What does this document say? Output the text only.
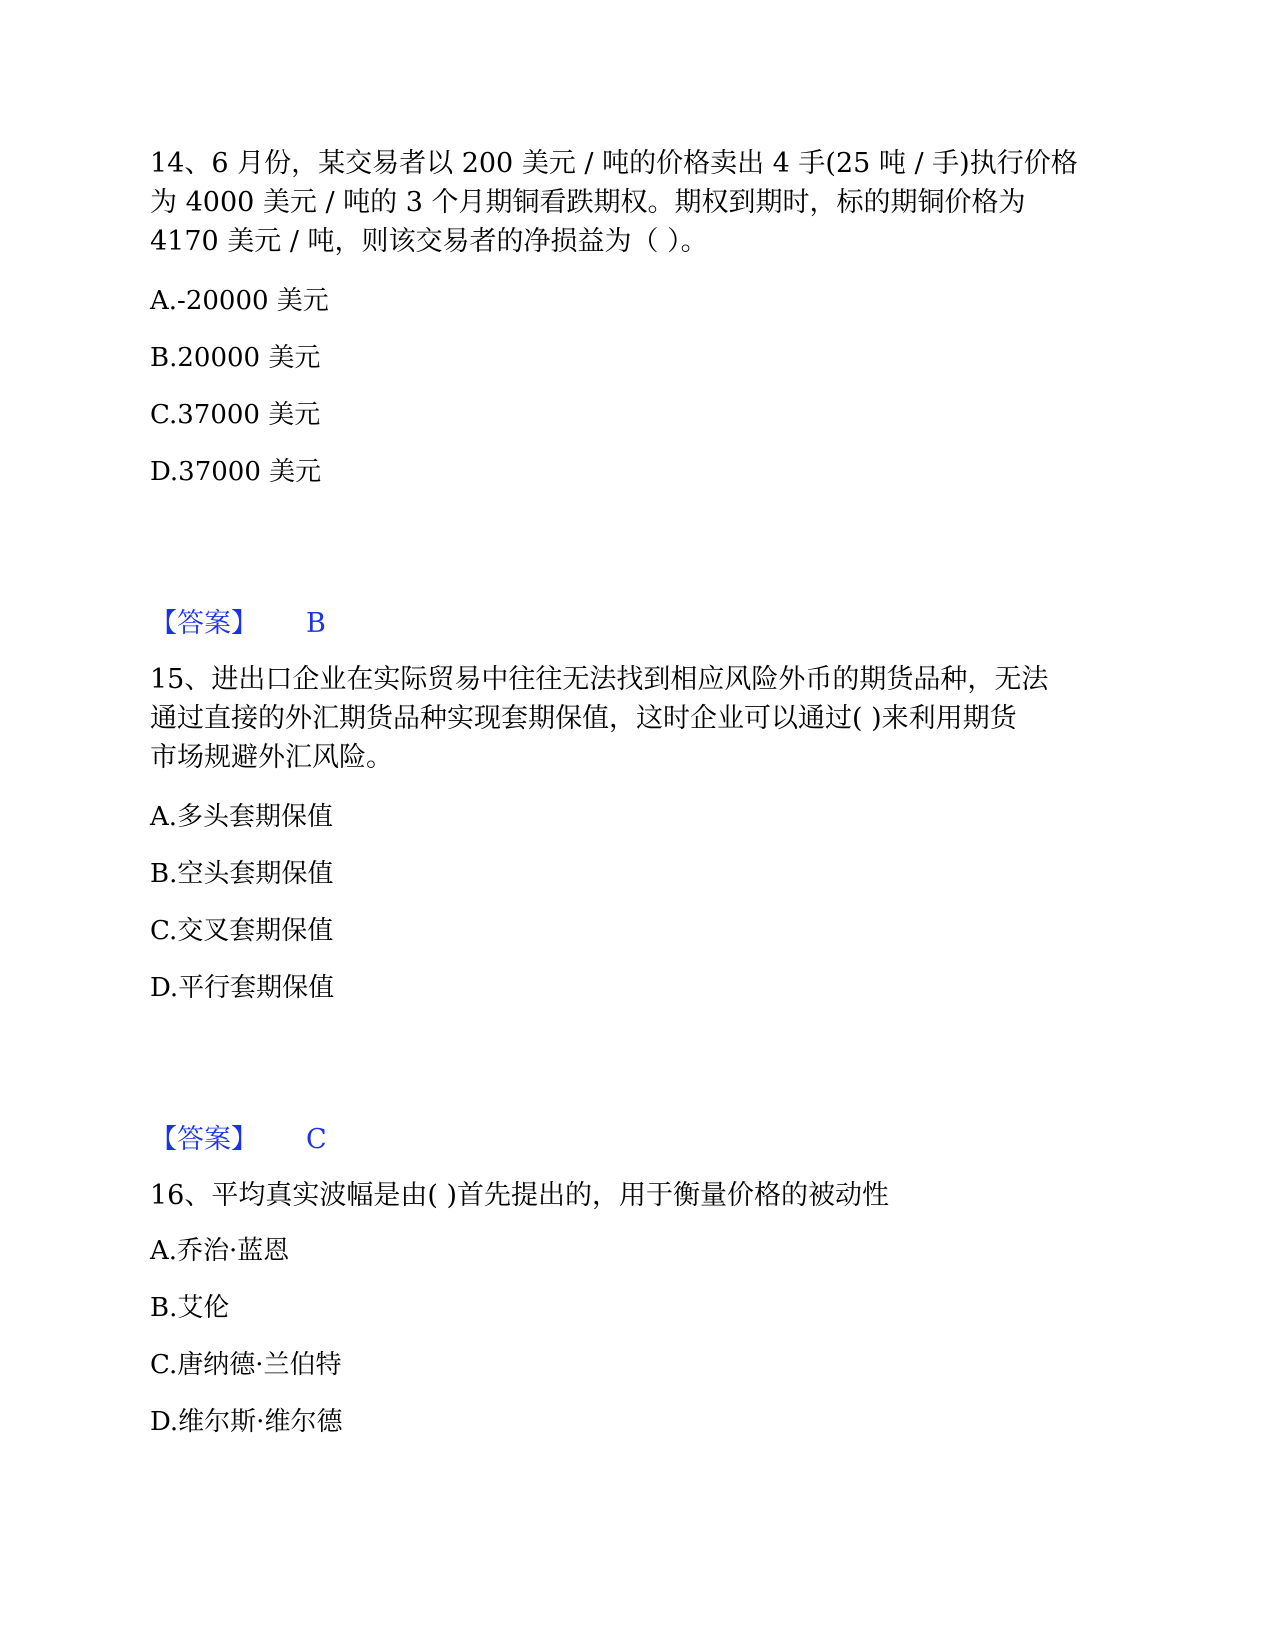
14、6 月份，某交易者以 200 美元 / 吨的价格卖出 4 手(25 吨 / 手)执行价格
为 4000 美元 / 吨的 3 个月期铜看跌期权。期权到期时，标的期铜价格为
4170 美元 / 吨，则该交易者的净损益为（ ）。

A.-20000 美元
B.20000 美元
C.37000 美元
D.37000 美元
【答案】 B

15、进出口企业在实际贸易中往往无法找到相应风险外币的期货品种，无法
通过直接的外汇期货品种实现套期保值，这时企业可以通过( )来利用期货
市场规避外汇风险。

A.多头套期保值
B.空头套期保值
C.交叉套期保值
D.平行套期保值
【答案】 C

16、平均真实波幅是由( )首先提出的，用于衡量价格的被动性

A.乔治·蓝恩
B.艾伦
C.唐纳德·兰伯特
D.维尔斯·维尔德
